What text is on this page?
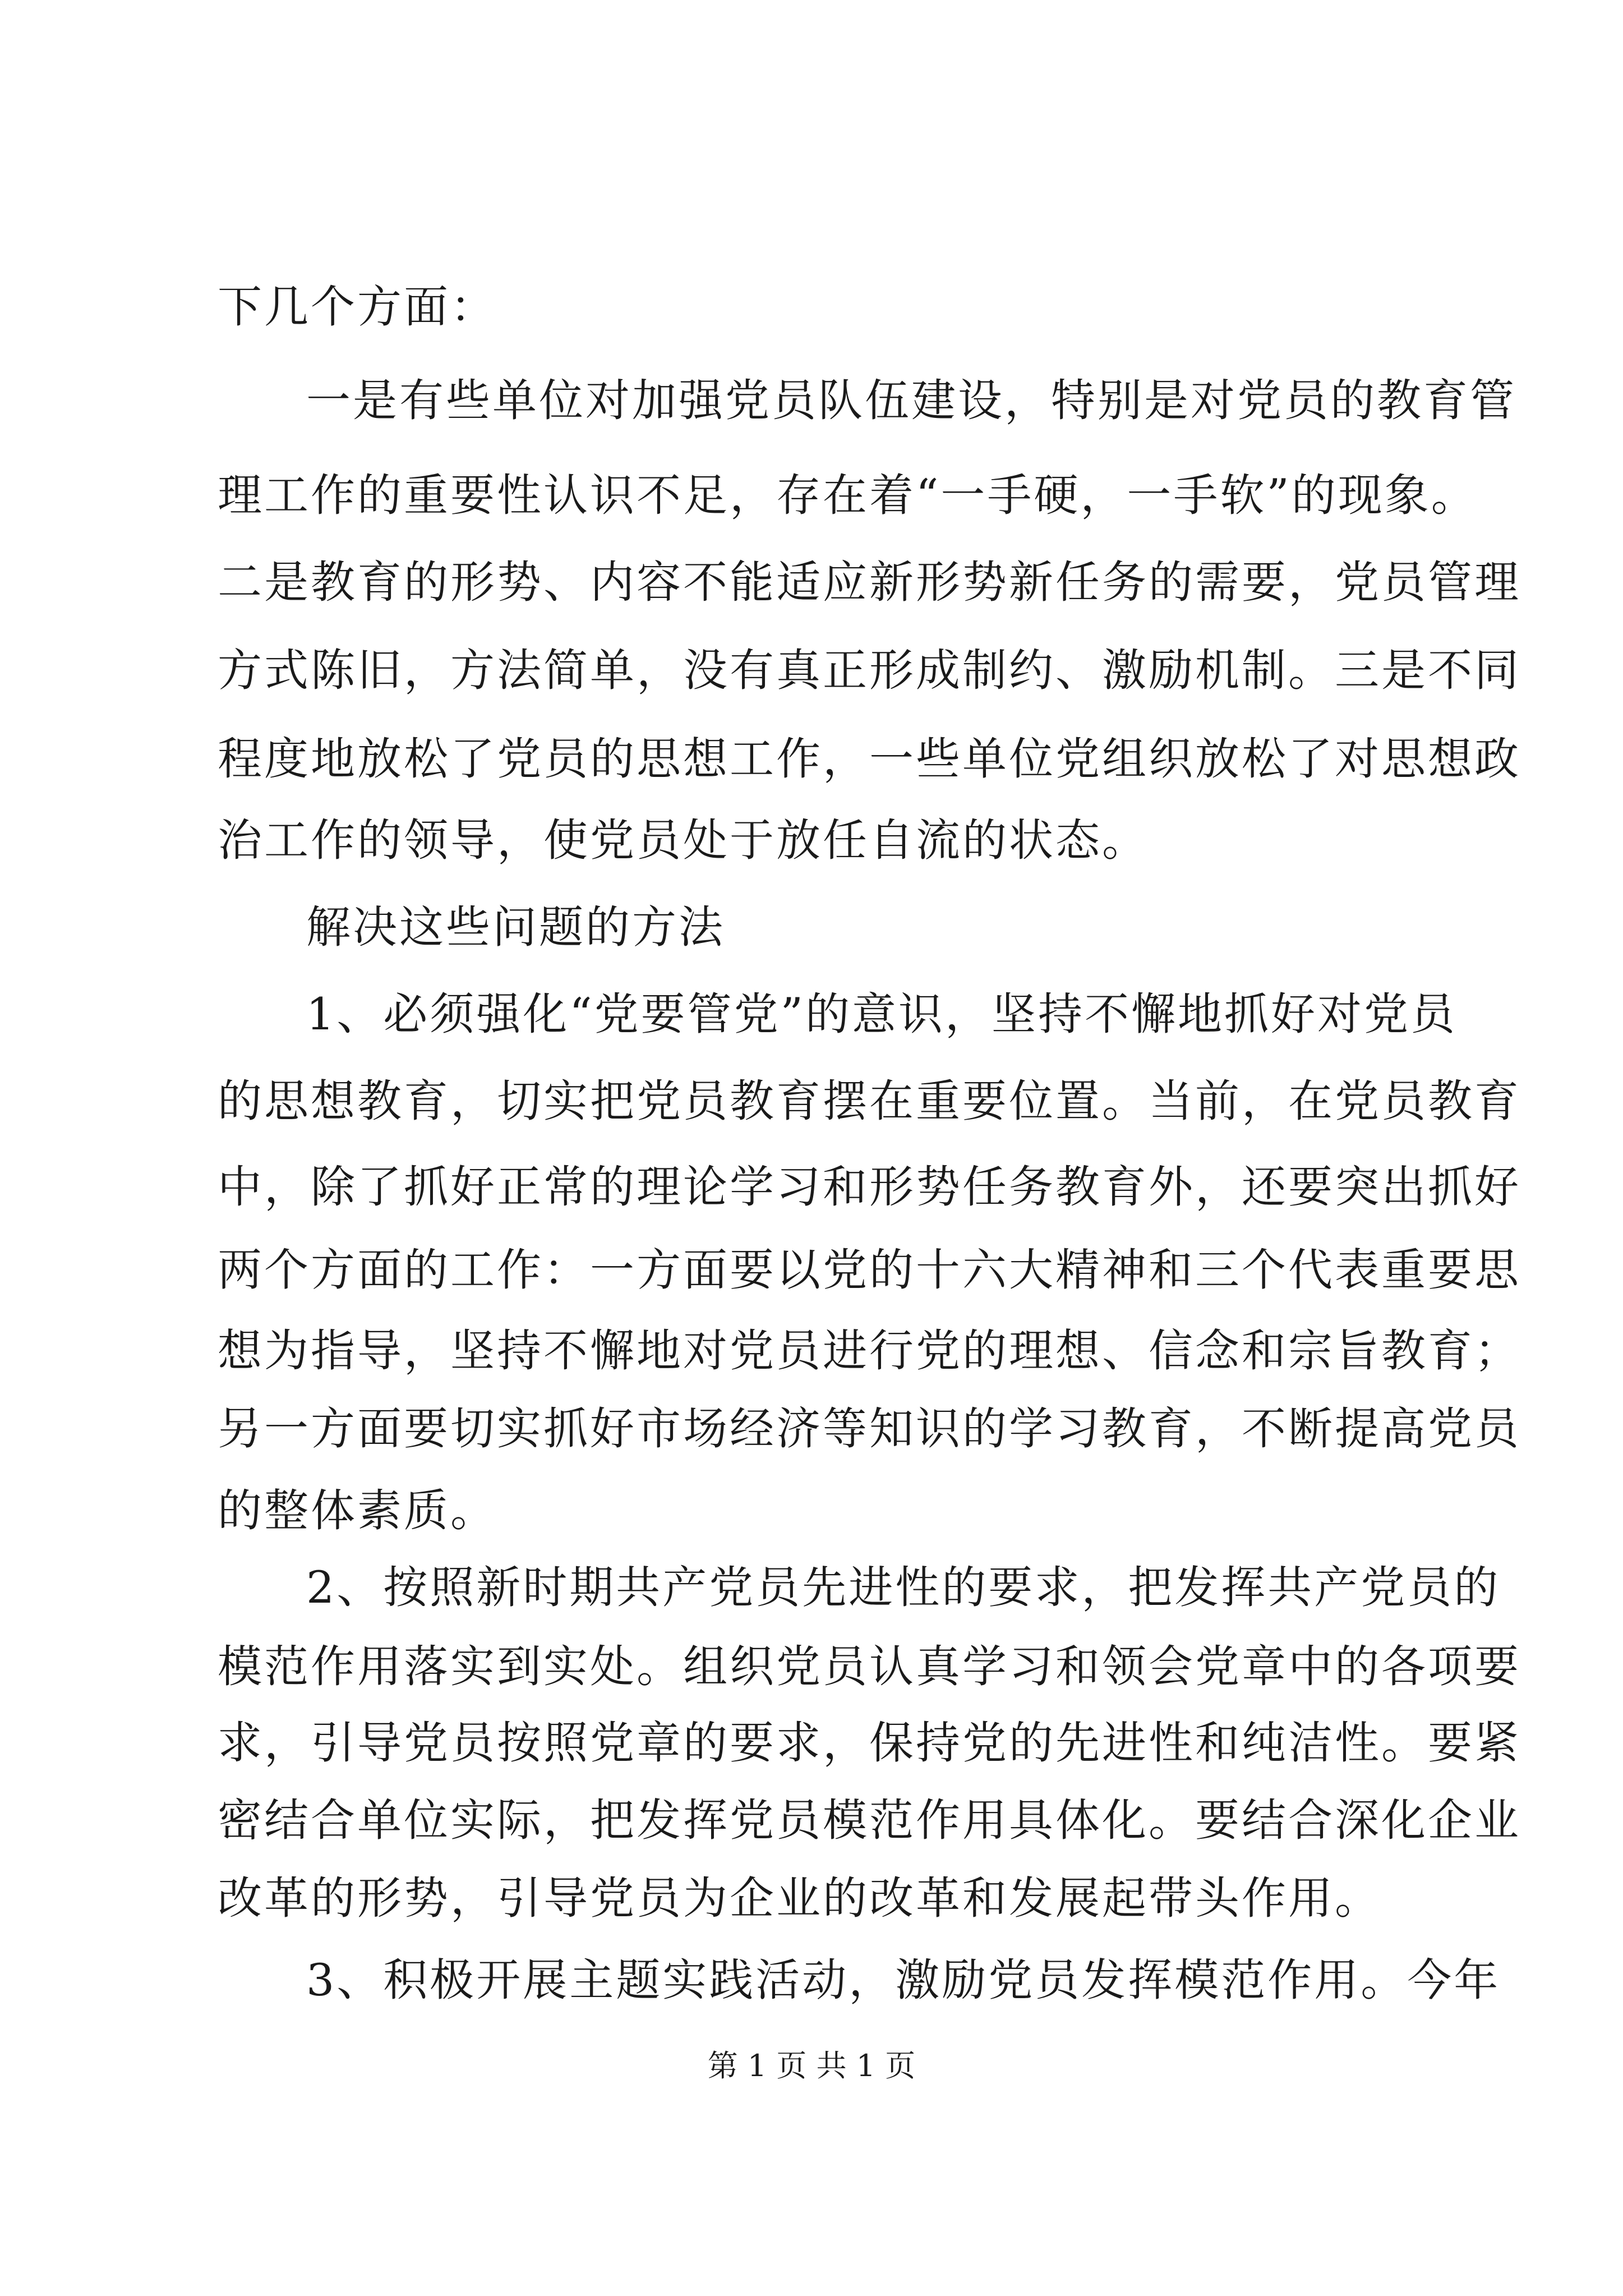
下几个方面：
一是有些单位对加强党员队伍建设，特别是对党员的教育管
理工作的重要性认识不足，存在着“一手硬，一手软”的现象。
二是教育的形势、内容不能适应新形势新任务的需要，党员管理
方式陈旧，方法简单，没有真正形成制约、激励机制。三是不同
程度地放松了党员的思想工作，一些单位党组织放松了对思想政
治工作的领导，使党员处于放任自流的状态。
解决这些问题的方法
1、必须强化“党要管党”的意识，坚持不懈地抓好对党员
的思想教育，切实把党员教育摆在重要位置。当前，在党员教育
中，除了抓好正常的理论学习和形势任务教育外，还要突出抓好
两个方面的工作：一方面要以党的十六大精神和三个代表重要思
想为指导，坚持不懈地对党员进行党的理想、信念和宗旨教育；
另一方面要切实抓好市场经济等知识的学习教育，不断提高党员
的整体素质。
2、按照新时期共产党员先进性的要求，把发挥共产党员的
模范作用落实到实处。组织党员认真学习和领会党章中的各项要
求，引导党员按照党章的要求，保持党的先进性和纯洁性。要紧
密结合单位实际，把发挥党员模范作用具体化。要结合深化企业
改革的形势，引导党员为企业的改革和发展起带头作用。
3、积极开展主题实践活动，激励党员发挥模范作用。今年
第 1 页 共 1 页
